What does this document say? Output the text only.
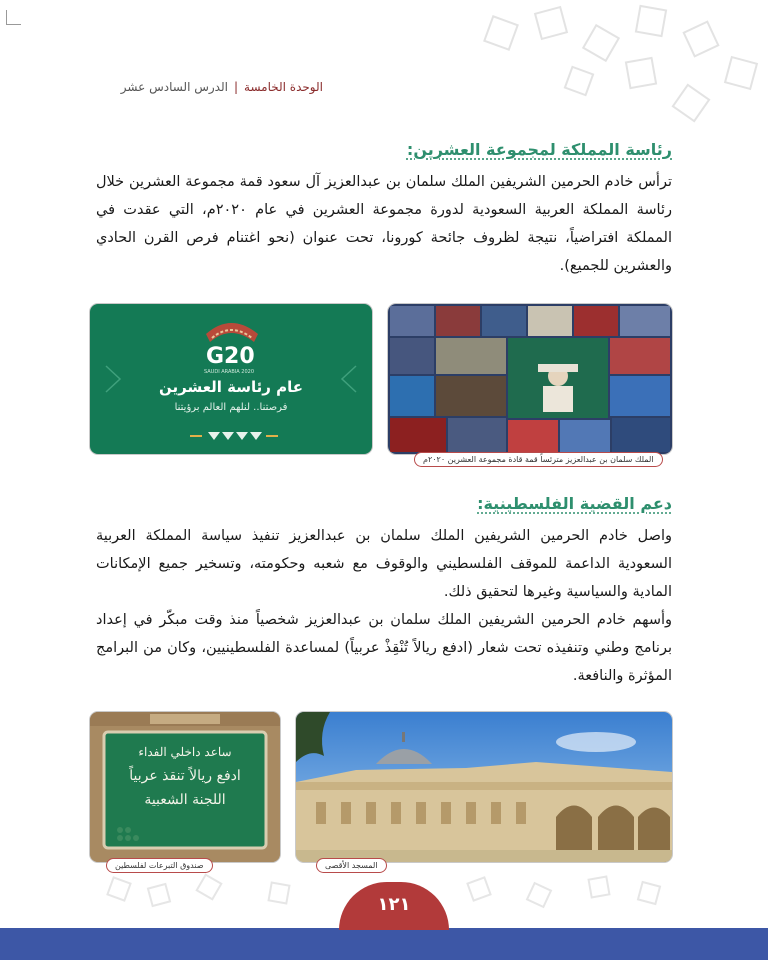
الوحدة الخامسة
|
الدرس السادس عشر
رئاسة المملكة لمجموعة العشرين:

ترأس خادم الحرمين الشريفين الملك سلمان بن عبدالعزيز آل سعود قمة مجموعة العشرين خلال رئاسة المملكة العربية السعودية لدورة مجموعة العشرين في عام ٢٠٢٠م، التي عقدت في المملكة افتراضياً، نتيجة لظروف جائحة كورونا، تحت عنوان (نحو اغتنام فرص القرن الحادي والعشرين للجميع).

الملك سلمان بن عبدالعزيز مترئساً قمة قادة مجموعة العشرين ٢٠٢٠م
G20
SAUDI ARABIA 2020
عام رئاسة العشرين
فرصتنا.. لنلهم العالم برؤيتنا
دعم القضية الفلسطينية:

واصل خادم الحرمين الشريفين الملك سلمان بن عبدالعزيز تنفيذ سياسة المملكة العربية السعودية الداعمة للموقف الفلسطيني والوقوف مع شعبه وحكومته، وتسخير جميع الإمكانات المادية والسياسية وغيرها لتحقيق ذلك.

وأسهم خادم الحرمين الشريفين الملك سلمان بن عبدالعزيز شخصياً منذ وقت مبكّر في إعداد برنامج وطني وتنفيذه تحت شعار (ادفع ريالاً تُنْقِذْ عربياً) لمساعدة الفلسطينيين، وكان من البرامج المؤثرة والنافعة.

المسجد الأقصى
ساعد داخلي الفداء
ادفع ريالاً تنقذ عربياً
اللجنة الشعبية
صندوق التبرعات لفلسطين
١٢١
